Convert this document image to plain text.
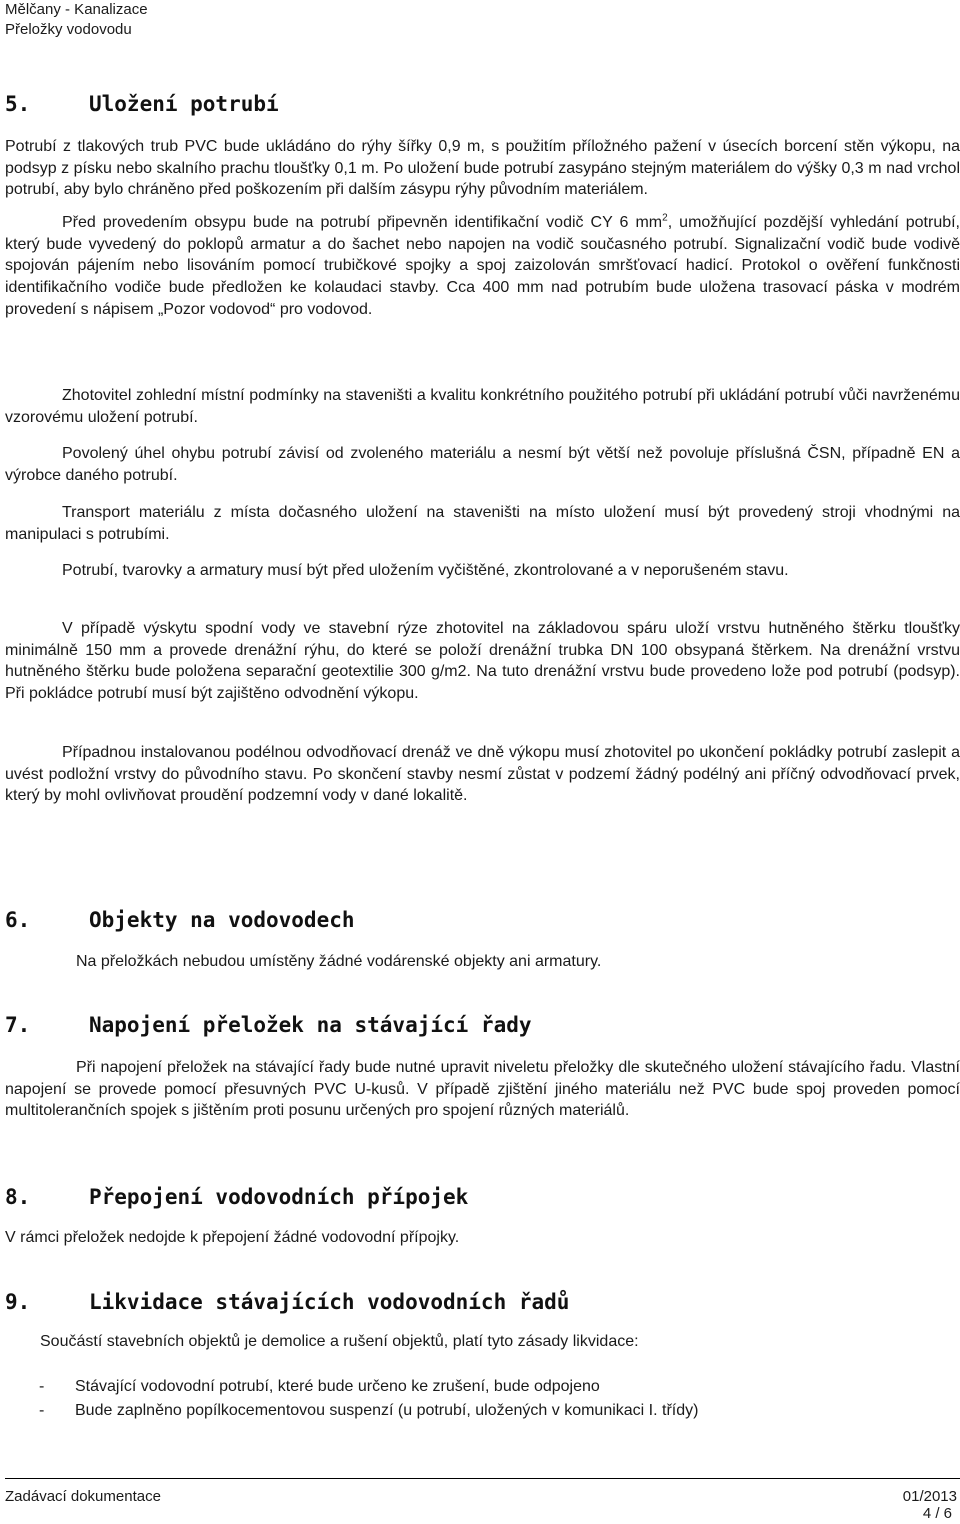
Mělčany - Kanalizace
Přeložky vodovodu
5.	Uložení potrubí
Potrubí z tlakových trub PVC bude ukládáno do rýhy šířky 0,9 m, s použitím příložného pažení v úsecích borcení stěn výkopu, na podsyp z písku nebo skalního prachu tloušťky 0,1 m. Po uložení bude potrubí zasypáno stejným materiálem do výšky 0,3 m nad vrchol potrubí, aby bylo chráněno před poškozením při dalším zásypu rýhy původním materiálem.
Před provedením obsypu bude na potrubí připevněn identifikační vodič CY 6 $mm^2$, umožňující pozdější vyhledání potrubí, který bude vyvedený do poklopů armatur a do šachet nebo napojen na vodič současného potrubí. Signalizační vodič bude vodivě spojován pájením nebo lisováním pomocí trubičkové spojky a spoj zaizolován smršťovací hadicí. Protokol o ověření funkčnosti identifikačního vodiče bude předložen ke kolaudaci stavby. Cca 400 mm nad potrubím bude uložena trasovací páska v modrém provedení s nápisem „Pozor vodovod“ pro vodovod.
Zhotovitel zohlední místní podmínky na staveništi a kvalitu konkrétního použitého potrubí při ukládání potrubí vůči navrženému vzorovému uložení potrubí.
Povolený úhel ohybu potrubí závisí od zvoleného materiálu a nesmí být větší než povoluje příslušná ČSN, případně EN a výrobce daného potrubí.
Transport materiálu z místa dočasného uložení na staveništi na místo uložení musí být provedený stroji vhodnými na manipulaci s potrubími.
Potrubí, tvarovky a armatury musí být před uložením vyčištěné, zkontrolované a v neporušeném stavu.
V případě výskytu spodní vody ve stavební rýze zhotovitel na základovou spáru uloží vrstvu hutněného štěrku tloušťky minimálně 150 mm a provede drenážní rýhu, do které se položí drenážní trubka DN 100 obsypaná štěrkem. Na drenážní vrstvu hutněného štěrku bude položena separační geotextilie 300 g/m2. Na tuto drenážní vrstvu bude provedeno lože pod potrubí (podsyp). Při pokládce potrubí musí být zajištěno odvodnění výkopu.
Případnou instalovanou podélnou odvodňovací drenáž ve dně výkopu musí zhotovitel po ukončení pokládky potrubí zaslepit a uvést podložní vrstvy do původního stavu. Po skončení stavby nesmí zůstat v podzemí žádný podélný ani příčný odvodňovací prvek, který by mohl ovlivňovat proudění podzemní vody v dané lokalitě.
6.	Objekty na vodovodech
Na přeložkách nebudou umístěny žádné vodárenské objekty ani armatury.
7.	Napojení přeložek na stávající řady
Při napojení přeložek na stávající řady bude nutné upravit niveletu přeložky dle skutečného uložení stávajícího řadu. Vlastní napojení se provede pomocí přesuvných PVC U-kusů. V případě zjištění jiného materiálu než PVC bude spoj proveden pomocí multitolerančních spojek s jištěním proti posunu určených pro spojení různých materiálů.
8.	Přepojení vodovodních přípojek
V rámci přeložek nedojde k přepojení žádné vodovodní přípojky.
9.	Likvidace stávajících vodovodních řadů
Součástí stavebních objektů je demolice a rušení objektů, platí tyto zásady likvidace:
- Stávající vodovodní potrubí, které bude určeno ke zrušení, bude odpojeno
- Bude zaplněno popílkocementovou suspenzí (u potrubí, uložených v komunikaci I. třídy)
Zadávací dokumentace	01/2013
4 / 6
